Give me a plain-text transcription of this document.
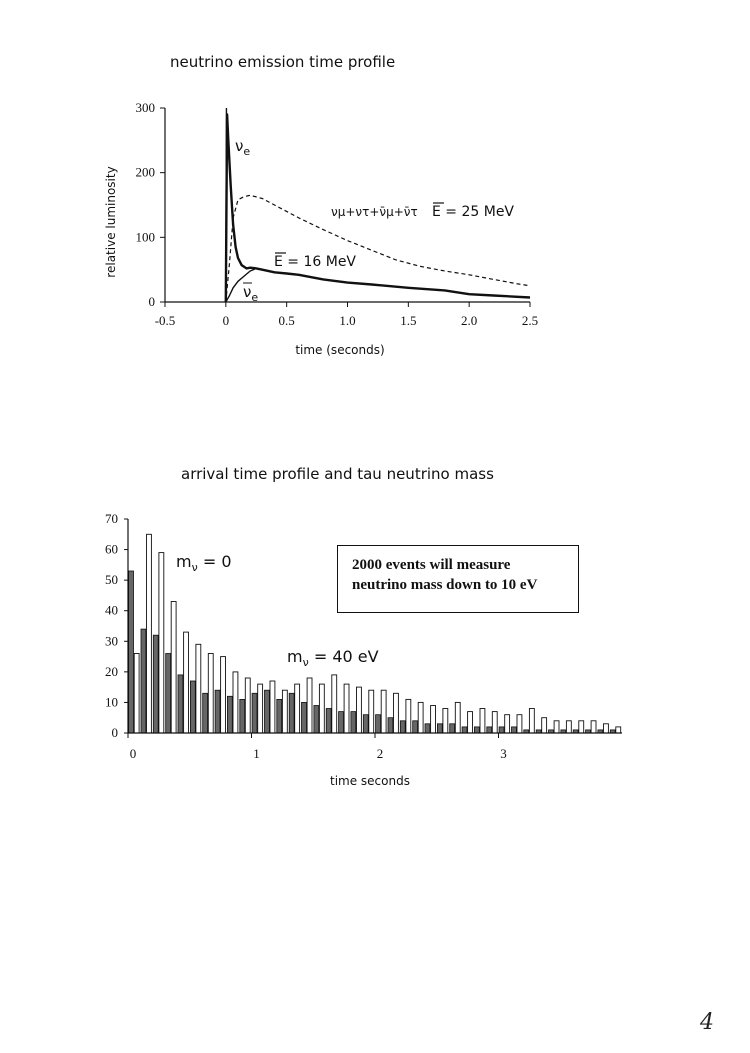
neutrino emission time profile
arrival time profile and tau neutrino mass
-0.5	0	0.5	1.0	1.5	2.0	2.5
0
100
200
300
time (seconds)
relative luminosity
$\nu_e$
$\nu_e$
νμ+ντ+ν̄μ+ν̄τ E = 25 MeV
E = 16 MeV
0	1	2	3
0
10
20
30
40
50
60
70
time seconds
$m_\nu = 0$
$m_\nu = 40$ eV
2000 events will measure
neutrino mass down to 10 eV
4
